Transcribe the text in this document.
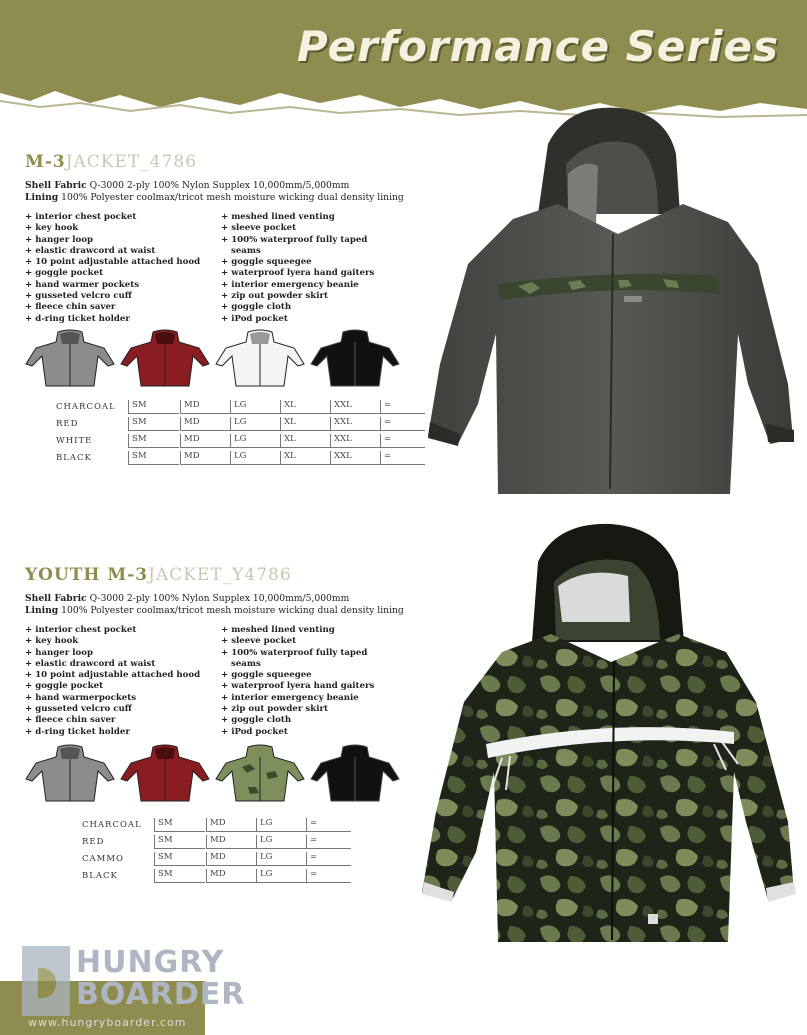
Performance Series
M-3JACKET_4786
Shell Fabric Q-3000 2-ply 100% Nylon Supplex 10,000mm/5,000mm
Lining 100% Polyester coolmax/tricot mesh moisture wicking dual density lining
+ interior chest pocket
+ key hook
+ hanger loop
+ elastic drawcord at waist
+ 10 point adjustable attached hood
+ goggle pocket
+ hand warmer pockets
+ gusseted velcro cuff
+ fleece chin saver
+ d-ring ticket holder
+ meshed lined venting
+ sleeve pocket
+ 100% waterproof fully taped
seams
+ goggle squeegee
+ waterproof lyera hand gaiters
+ interior emergency beanie
+ zip out powder skirt
+ goggle cloth
+ iPod pocket
CHARCOAL SM	MD	LG	XL	XXL	=
RED	SM	MD	LG	XL	XXL	=
WHITE	SM	MD	LG	XL	XXL	=
BLACK	SM	MD	LG	XL	XXL	=
YOUTH M-3JACKET_Y4786
Shell Fabric Q-3000 2-ply 100% Nylon Supplex 10,000mm/5,000mm
Lining 100% Polyester coolmax/tricot mesh moisture wicking dual density lining
+ interior chest pocket
+ key hook
+ hanger loop
+ elastic drawcord at waist
+ 10 point adjustable attached hood
+ goggle pocket
+ hand warmerpockets
+ gusseted velcro cuff
+ fleece chin saver
+ d-ring ticket holder
+ meshed lined venting
+ sleeve pocket
+ 100% waterproof fully taped
seams
+ goggle squeegee
+ waterproof lyera hand gaiters
+ interior emergency beanie
+ zip out powder skirt
+ goggle cloth
+ iPod pocket
CHARCOAL SM	MD	LG	=
RED	SM	MD	LG	=
CAMMO	SM	MD	LG	=
BLACK	SM	MD	LG	=
HUNGRY
BOARDER
www.hungryboarder.com
